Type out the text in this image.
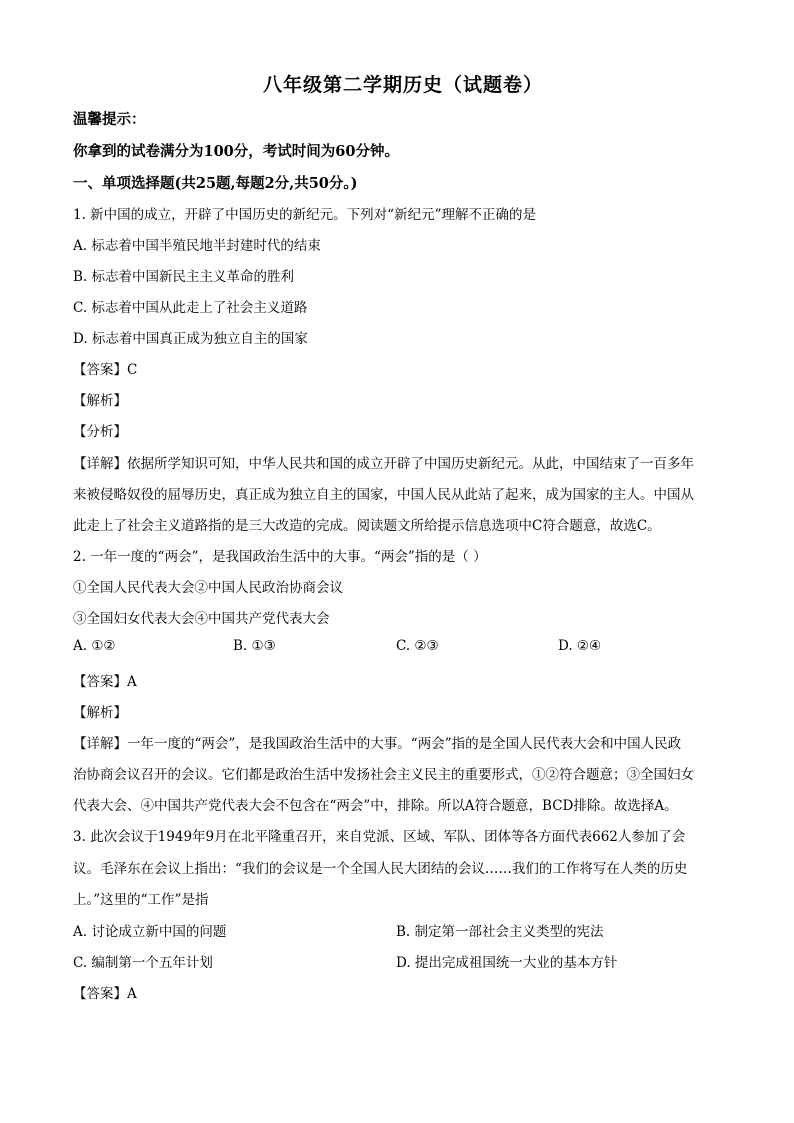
八年级第二学期历史（试题卷）
温馨提示：
你拿到的试卷满分为100分，考试时间为60分钟。
一、单项选择题(共25题,每题2分,共50分。)
1. 新中国的成立，开辟了中国历史的新纪元。下列对“新纪元”理解不正确的是
A. 标志着中国半殖民地半封建时代的结束
B. 标志着中国新民主主义革命的胜利
C. 标志着中国从此走上了社会主义道路
D. 标志着中国真正成为独立自主的国家
【答案】C
【解析】
【分析】
【详解】依据所学知识可知，中华人民共和国的成立开辟了中国历史新纪元。从此，中国结束了一百多年
来被侵略奴役的屈辱历史，真正成为独立自主的国家，中国人民从此站了起来，成为国家的主人。中国从
此走上了社会主义道路指的是三大改造的完成。阅读题文所给提示信息选项中C符合题意，故选C。
2. 一年一度的“两会”，是我国政治生活中的大事。“两会”指的是（ ）
①全国人民代表大会②中国人民政治协商会议
③全国妇女代表大会④中国共产党代表大会
A. ①②	B. ①③	C. ②③	D. ②④
【答案】A
【解析】
【详解】一年一度的“两会”，是我国政治生活中的大事。“两会”指的是全国人民代表大会和中国人民政
治协商会议召开的会议。它们都是政治生活中发扬社会主义民主的重要形式，①②符合题意；③全国妇女
代表大会、④中国共产党代表大会不包含在“两会”中，排除。所以A符合题意，BCD排除。故选择A。
3. 此次会议于1949年9月在北平隆重召开，来自党派、区域、军队、团体等各方面代表662人参加了会
议。毛泽东在会议上指出：“我们的会议是一个全国人民大团结的会议……我们的工作将写在人类的历史
上。”这里的“工作”是指
A. 讨论成立新中国的问题	B. 制定第一部社会主义类型的宪法
C. 编制第一个五年计划	D. 提出完成祖国统一大业的基本方针
【答案】A
